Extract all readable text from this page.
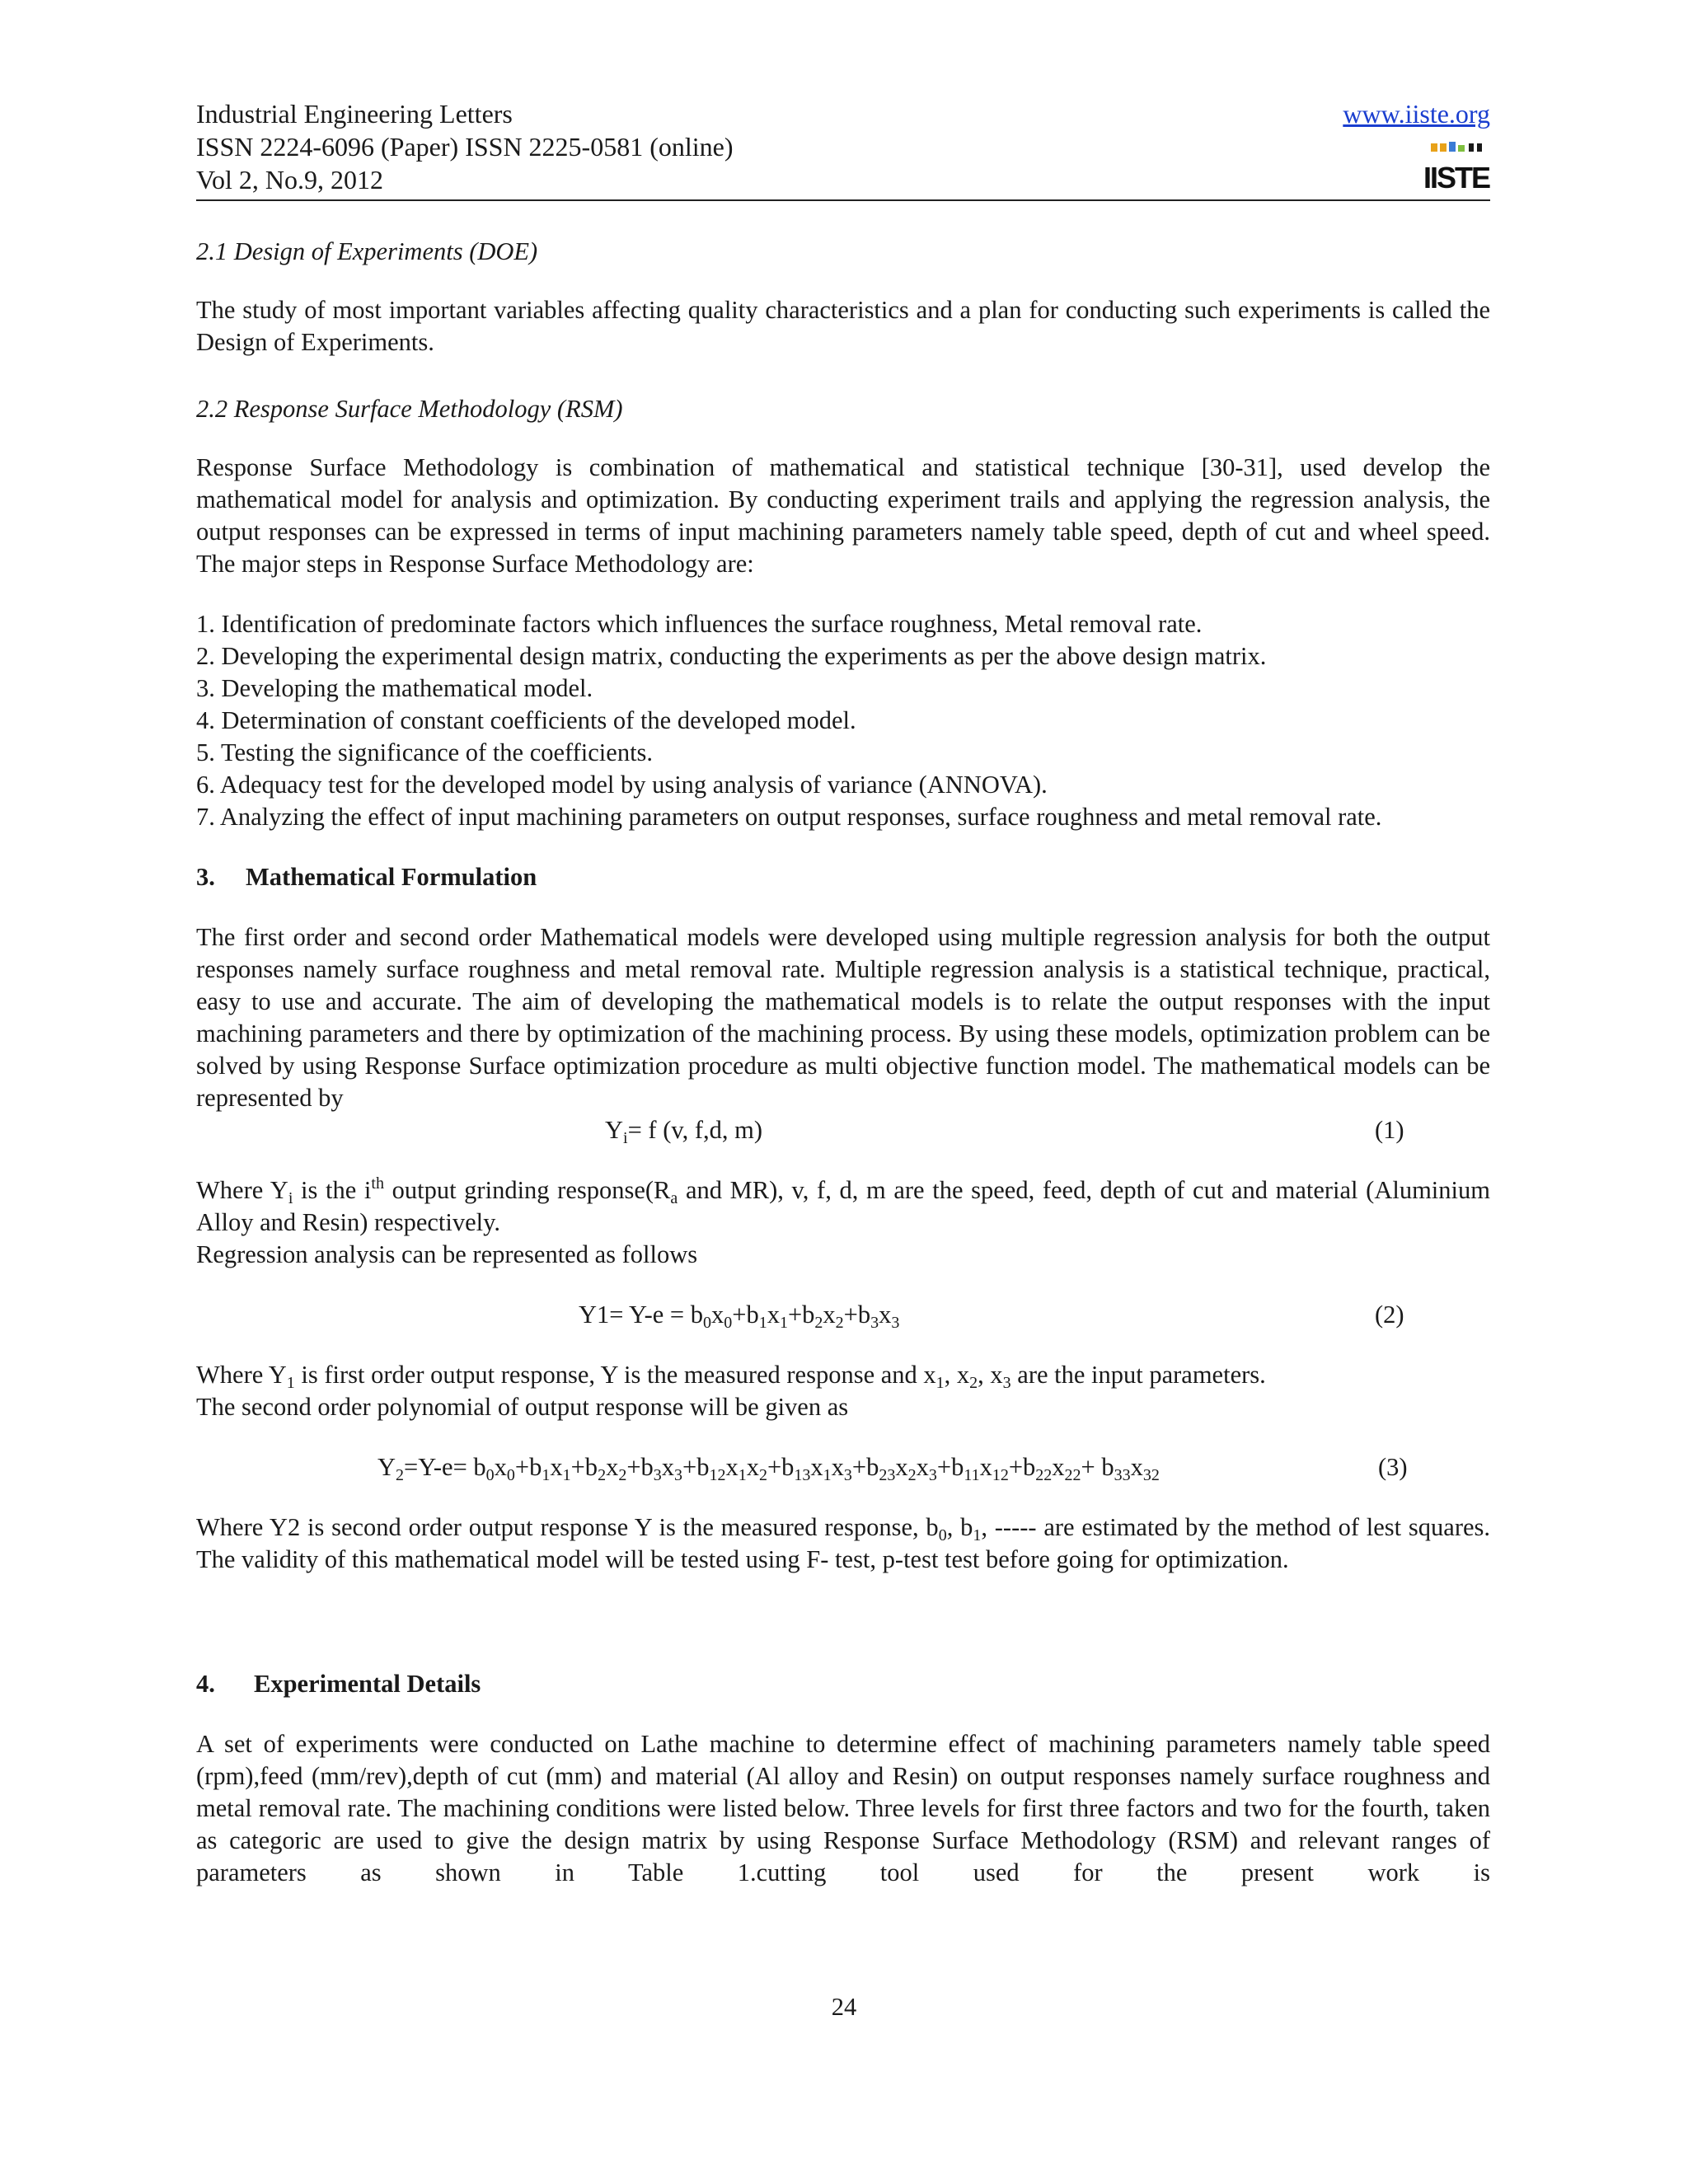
Industrial Engineering Letters
ISSN 2224-6096 (Paper) ISSN 2225-0581 (online)
Vol 2, No.9, 2012
www.iiste.org
IISTE
2.1 Design of Experiments (DOE)

The study of most important variables affecting quality characteristics and a plan for conducting such experiments is called the Design of Experiments.

2.2 Response Surface Methodology (RSM)

Response Surface Methodology is combination of mathematical and statistical technique [30-31], used develop the mathematical model for analysis and optimization. By conducting experiment trails and applying the regression analysis, the output responses can be expressed in terms of input machining parameters namely table speed, depth of cut and wheel speed. The major steps in Response Surface Methodology are:

1. Identification of predominate factors which influences the surface roughness, Metal removal rate.
2. Developing the experimental design matrix, conducting the experiments as per the above design matrix.
3. Developing the mathematical model.
4. Determination of constant coefficients of the developed model.
5. Testing the significance of the coefficients.
6. Adequacy test for the developed model by using analysis of variance (ANNOVA).
7. Analyzing the effect of input machining parameters on output responses, surface roughness and metal removal rate.
3. Mathematical Formulation

The first order and second order Mathematical models were developed using multiple regression analysis for both the output responses namely surface roughness and metal removal rate. Multiple regression analysis is a statistical technique, practical, easy to use and accurate. The aim of developing the mathematical models is to relate the output responses with the input machining parameters and there by optimization of the machining process. By using these models, optimization problem can be solved by using Response Surface optimization procedure as multi objective function model. The mathematical models can be represented by

$Y_i= f$ (v, f,d, m)	(1)

Where $Y_i$ is the $i^{th}$ output grinding $response(R_a$ and MR), v, f, d, m are the speed, feed, depth of cut and material (Aluminium Alloy and Resin) respectively.

Regression analysis can be represented as follows
$Y1= Y-e = b_0x_0+b_1x_1+b_2x_2+b_3x_3$	(2)
Where $Y_1$ is first order output response, Y is the measured response and $x_1$, $x_2$, $x_3$ are the input parameters.
The second order polynomial of output response will be given as
$Y_2=Y-e= b_0x_0+b_1x_1+b_2x_2+b_3x_3+b_{12}x_1x_2+b_{13}x_1x_3+b_{23}x_2x_3+b_{11}x_{12}+b_{22}x_{22}+ b_{33}x_{32}$	(3)

Where Y2 is second order output response Y is the measured response, $b_0$, $b_1$, ----- are estimated by the method of lest squares. The validity of this mathematical model will be tested using F- test, p-test test before going for optimization.

4. Experimental Details

A set of experiments were conducted on Lathe machine to determine effect of machining parameters namely table speed (rpm),feed (mm/rev),depth of cut (mm) and material (Al alloy and Resin) on output responses namely surface roughness and metal removal rate. The machining conditions were listed below. Three levels for first three factors and two for the fourth, taken as categoric are used to give the design matrix by using Response Surface Methodology (RSM) and relevant ranges of parameters as shown in Table 1.cutting tool used for the present work is

24
